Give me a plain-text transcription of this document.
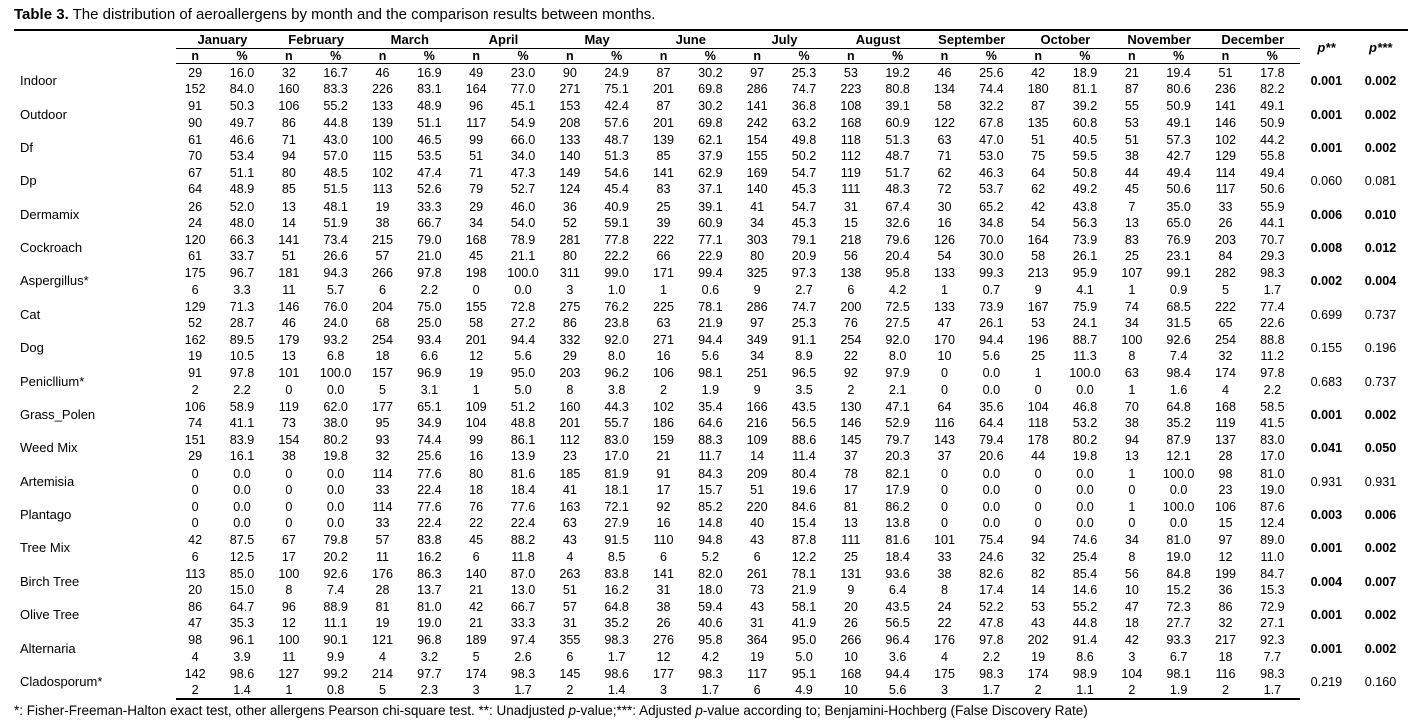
Table 3. The distribution of aeroallergens by month and the comparison results between months.
	January		February		March		April		May		June		July		August		September		October		November		December		p**	p***
	n	%	n	%	n	%	n	%	n	%	n	%	n	%	n	%	n	%	n	%	n	%	n	%		
Indoor	29	16.0	32	16.7	46	16.9	49	23.0	90	24.9	87	30.2	97	25.3	53	19.2	46	25.6	42	18.9	21	19.4	51	17.8	0.001	0.002
	152	84.0	160	83.3	226	83.1	164	77.0	271	75.1	201	69.8	286	74.7	223	80.8	134	74.4	180	81.1	87	80.6	236	82.2		
Outdoor	91	50.3	106	55.2	133	48.9	96	45.1	153	42.4	87	30.2	141	36.8	108	39.1	58	32.2	87	39.2	55	50.9	141	49.1	0.001	0.002
	90	49.7	86	44.8	139	51.1	117	54.9	208	57.6	201	69.8	242	63.2	168	60.9	122	67.8	135	60.8	53	49.1	146	50.9		
Df	61	46.6	71	43.0	100	46.5	99	66.0	133	48.7	139	62.1	154	49.8	118	51.3	63	47.0	51	40.5	51	57.3	102	44.2	0.001	0.002
	70	53.4	94	57.0	115	53.5	51	34.0	140	51.3	85	37.9	155	50.2	112	48.7	71	53.0	75	59.5	38	42.7	129	55.8		
Dp	67	51.1	80	48.5	102	47.4	71	47.3	149	54.6	141	62.9	169	54.7	119	51.7	62	46.3	64	50.8	44	49.4	114	49.4	0.060	0.081
	64	48.9	85	51.5	113	52.6	79	52.7	124	45.4	83	37.1	140	45.3	111	48.3	72	53.7	62	49.2	45	50.6	117	50.6		
Dermamix	26	52.0	13	48.1	19	33.3	29	46.0	36	40.9	25	39.1	41	54.7	31	67.4	30	65.2	42	43.8	7	35.0	33	55.9	0.006	0.010
	24	48.0	14	51.9	38	66.7	34	54.0	52	59.1	39	60.9	34	45.3	15	32.6	16	34.8	54	56.3	13	65.0	26	44.1		
Cockroach	120	66.3	141	73.4	215	79.0	168	78.9	281	77.8	222	77.1	303	79.1	218	79.6	126	70.0	164	73.9	83	76.9	203	70.7	0.008	0.012
	61	33.7	51	26.6	57	21.0	45	21.1	80	22.2	66	22.9	80	20.9	56	20.4	54	30.0	58	26.1	25	23.1	84	29.3		
Aspergillus*	175	96.7	181	94.3	266	97.8	198	100.0	311	99.0	171	99.4	325	97.3	138	95.8	133	99.3	213	95.9	107	99.1	282	98.3	0.002	0.004
	6	3.3	11	5.7	6	2.2	0	0.0	3	1.0	1	0.6	9	2.7	6	4.2	1	0.7	9	4.1	1	0.9	5	1.7		
Cat	129	71.3	146	76.0	204	75.0	155	72.8	275	76.2	225	78.1	286	74.7	200	72.5	133	73.9	167	75.9	74	68.5	222	77.4	0.699	0.737
	52	28.7	46	24.0	68	25.0	58	27.2	86	23.8	63	21.9	97	25.3	76	27.5	47	26.1	53	24.1	34	31.5	65	22.6		
Dog	162	89.5	179	93.2	254	93.4	201	94.4	332	92.0	271	94.4	349	91.1	254	92.0	170	94.4	196	88.7	100	92.6	254	88.8	0.155	0.196
	19	10.5	13	6.8	18	6.6	12	5.6	29	8.0	16	5.6	34	8.9	22	8.0	10	5.6	25	11.3	8	7.4	32	11.2		
Penicllium*	91	97.8	101	100.0	157	96.9	19	95.0	203	96.2	106	98.1	251	96.5	92	97.9	0	0.0	1	100.0	63	98.4	174	97.8	0.683	0.737
	2	2.2	0	0.0	5	3.1	1	5.0	8	3.8	2	1.9	9	3.5	2	2.1	0	0.0	0	0.0	1	1.6	4	2.2		
Grass_Polen	106	58.9	119	62.0	177	65.1	109	51.2	160	44.3	102	35.4	166	43.5	130	47.1	64	35.6	104	46.8	70	64.8	168	58.5	0.001	0.002
	74	41.1	73	38.0	95	34.9	104	48.8	201	55.7	186	64.6	216	56.5	146	52.9	116	64.4	118	53.2	38	35.2	119	41.5		
Weed Mix	151	83.9	154	80.2	93	74.4	99	86.1	112	83.0	159	88.3	109	88.6	145	79.7	143	79.4	178	80.2	94	87.9	137	83.0	0.041	0.050
	29	16.1	38	19.8	32	25.6	16	13.9	23	17.0	21	11.7	14	11.4	37	20.3	37	20.6	44	19.8	13	12.1	28	17.0		
Artemisia	0	0.0	0	0.0	114	77.6	80	81.6	185	81.9	91	84.3	209	80.4	78	82.1	0	0.0	0	0.0	1	100.0	98	81.0	0.931	0.931
	0	0.0	0	0.0	33	22.4	18	18.4	41	18.1	17	15.7	51	19.6	17	17.9	0	0.0	0	0.0	0	0.0	23	19.0		
Plantago	0	0.0	0	0.0	114	77.6	76	77.6	163	72.1	92	85.2	220	84.6	81	86.2	0	0.0	0	0.0	1	100.0	106	87.6	0.003	0.006
	0	0.0	0	0.0	33	22.4	22	22.4	63	27.9	16	14.8	40	15.4	13	13.8	0	0.0	0	0.0	0	0.0	15	12.4		
Tree Mix	42	87.5	67	79.8	57	83.8	45	88.2	43	91.5	110	94.8	43	87.8	111	81.6	101	75.4	94	74.6	34	81.0	97	89.0	0.001	0.002
	6	12.5	17	20.2	11	16.2	6	11.8	4	8.5	6	5.2	6	12.2	25	18.4	33	24.6	32	25.4	8	19.0	12	11.0		
Birch Tree	113	85.0	100	92.6	176	86.3	140	87.0	263	83.8	141	82.0	261	78.1	131	93.6	38	82.6	82	85.4	56	84.8	199	84.7	0.004	0.007
	20	15.0	8	7.4	28	13.7	21	13.0	51	16.2	31	18.0	73	21.9	9	6.4	8	17.4	14	14.6	10	15.2	36	15.3		
Olive Tree	86	64.7	96	88.9	81	81.0	42	66.7	57	64.8	38	59.4	43	58.1	20	43.5	24	52.2	53	55.2	47	72.3	86	72.9	0.001	0.002
	47	35.3	12	11.1	19	19.0	21	33.3	31	35.2	26	40.6	31	41.9	26	56.5	22	47.8	43	44.8	18	27.7	32	27.1		
Alternaria	98	96.1	100	90.1	121	96.8	189	97.4	355	98.3	276	95.8	364	95.0	266	96.4	176	97.8	202	91.4	42	93.3	217	92.3	0.001	0.002
	4	3.9	11	9.9	4	3.2	5	2.6	6	1.7	12	4.2	19	5.0	10	3.6	4	2.2	19	8.6	3	6.7	18	7.7		
Cladosporum*	142	98.6	127	99.2	214	97.7	174	98.3	145	98.6	177	98.3	117	95.1	168	94.4	175	98.3	174	98.9	104	98.1	116	98.3	0.219	0.160
	2	1.4	1	0.8	5	2.3	3	1.7	2	1.4	3	1.7	6	4.9	10	5.6	3	1.7	2	1.1	2	1.9	2	1.7		
*: Fisher-Freeman-Halton exact test, other allergens Pearson chi-square test. **: Unadjusted p-value;***: Adjusted p-value according to; Benjamini-Hochberg (False Discovery Rate)
